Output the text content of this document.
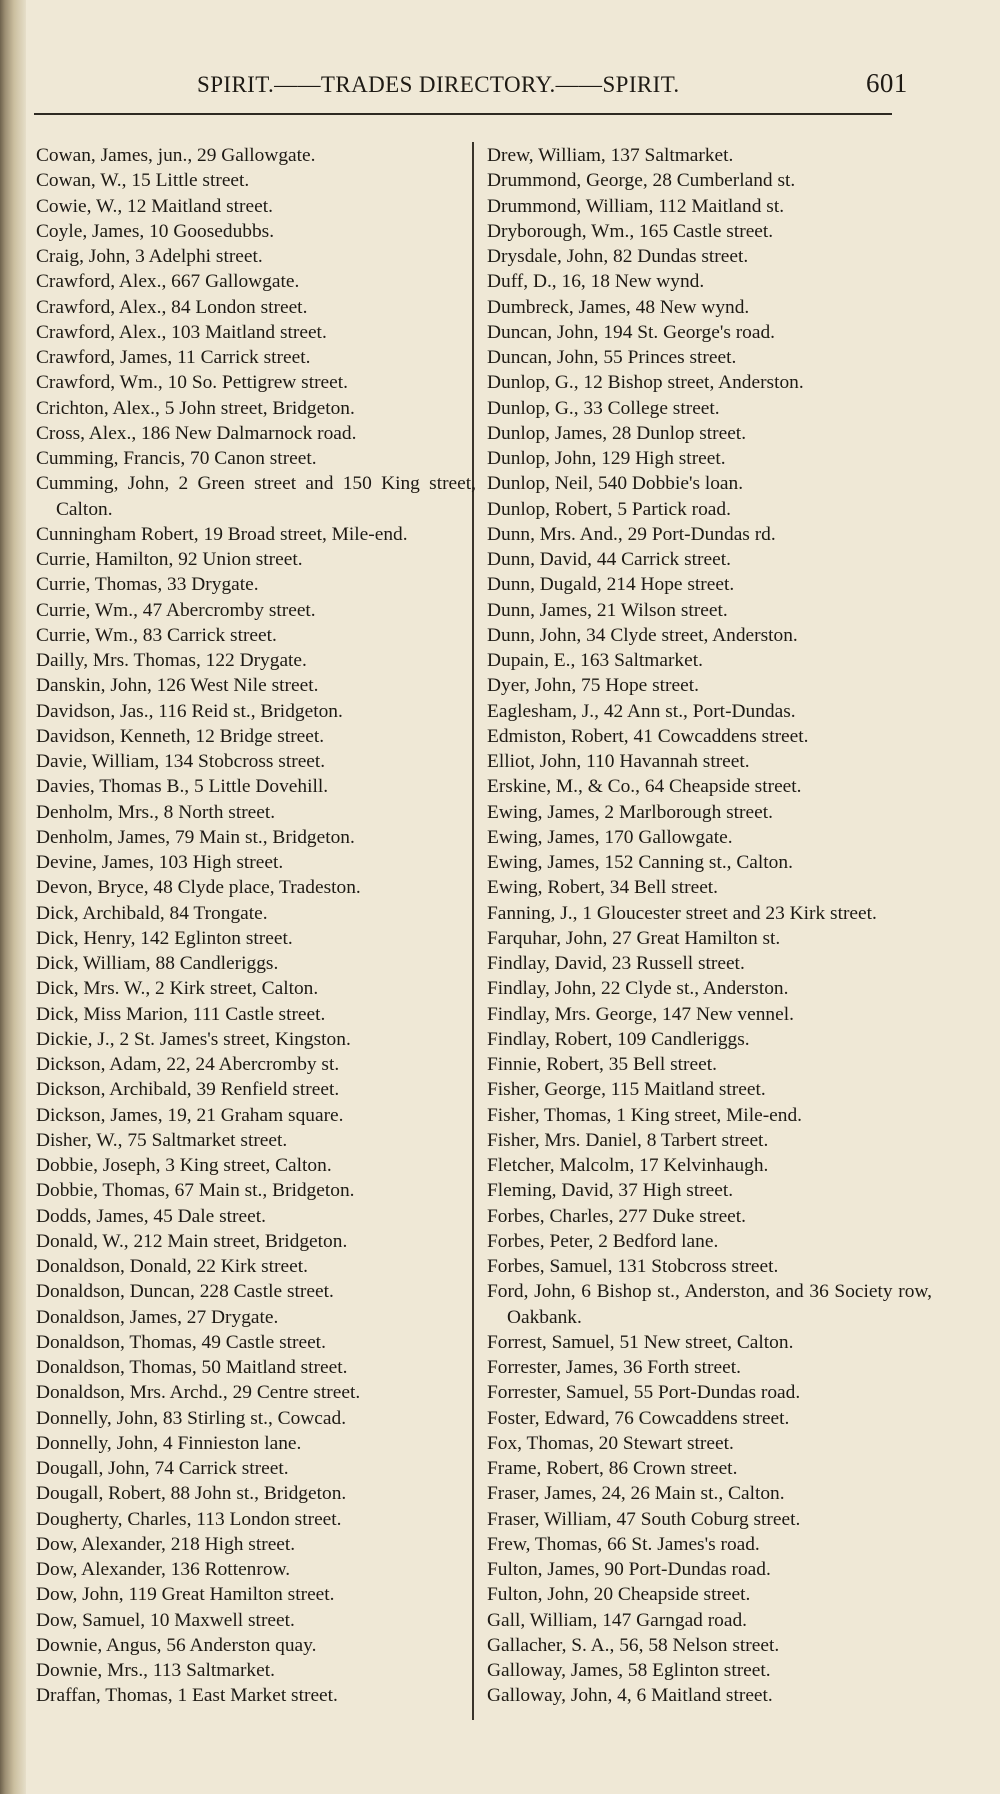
SPIRIT.——TRADES DIRECTORY.——SPIRIT.	601
Cowan, James, jun., 29 Gallowgate.
Cowan, W., 15 Little street.
Cowie, W., 12 Maitland street.
Coyle, James, 10 Goosedubbs.
Craig, John, 3 Adelphi street.
Crawford, Alex., 667 Gallowgate.
Crawford, Alex., 84 London street.
Crawford, Alex., 103 Maitland street.
Crawford, James, 11 Carrick street.
Crawford, Wm., 10 So. Pettigrew street.
Crichton, Alex., 5 John street, Bridgeton.
Cross, Alex., 186 New Dalmarnock road.
Cumming, Francis, 70 Canon street.
Cumming, John, 2 Green street and 150 King street, Calton.
Cunningham Robert, 19 Broad street, Mile-end.
Currie, Hamilton, 92 Union street.
Currie, Thomas, 33 Drygate.
Currie, Wm., 47 Abercromby street.
Currie, Wm., 83 Carrick street.
Dailly, Mrs. Thomas, 122 Drygate.
Danskin, John, 126 West Nile street.
Davidson, Jas., 116 Reid st., Bridgeton.
Davidson, Kenneth, 12 Bridge street.
Davie, William, 134 Stobcross street.
Davies, Thomas B., 5 Little Dovehill.
Denholm, Mrs., 8 North street.
Denholm, James, 79 Main st., Bridgeton.
Devine, James, 103 High street.
Devon, Bryce, 48 Clyde place, Tradeston.
Dick, Archibald, 84 Trongate.
Dick, Henry, 142 Eglinton street.
Dick, William, 88 Candleriggs.
Dick, Mrs. W., 2 Kirk street, Calton.
Dick, Miss Marion, 111 Castle street.
Dickie, J., 2 St. James's street, Kingston.
Dickson, Adam, 22, 24 Abercromby st.
Dickson, Archibald, 39 Renfield street.
Dickson, James, 19, 21 Graham square.
Disher, W., 75 Saltmarket street.
Dobbie, Joseph, 3 King street, Calton.
Dobbie, Thomas, 67 Main st., Bridgeton.
Dodds, James, 45 Dale street.
Donald, W., 212 Main street, Bridgeton.
Donaldson, Donald, 22 Kirk street.
Donaldson, Duncan, 228 Castle street.
Donaldson, James, 27 Drygate.
Donaldson, Thomas, 49 Castle street.
Donaldson, Thomas, 50 Maitland street.
Donaldson, Mrs. Archd., 29 Centre street.
Donnelly, John, 83 Stirling st., Cowcad.
Donnelly, John, 4 Finnieston lane.
Dougall, John, 74 Carrick street.
Dougall, Robert, 88 John st., Bridgeton.
Dougherty, Charles, 113 London street.
Dow, Alexander, 218 High street.
Dow, Alexander, 136 Rottenrow.
Dow, John, 119 Great Hamilton street.
Dow, Samuel, 10 Maxwell street.
Downie, Angus, 56 Anderston quay.
Downie, Mrs., 113 Saltmarket.
Draffan, Thomas, 1 East Market street.
Drew, William, 137 Saltmarket.
Drummond, George, 28 Cumberland st.
Drummond, William, 112 Maitland st.
Dryborough, Wm., 165 Castle street.
Drysdale, John, 82 Dundas street.
Duff, D., 16, 18 New wynd.
Dumbreck, James, 48 New wynd.
Duncan, John, 194 St. George's road.
Duncan, John, 55 Princes street.
Dunlop, G., 12 Bishop street, Anderston.
Dunlop, G., 33 College street.
Dunlop, James, 28 Dunlop street.
Dunlop, John, 129 High street.
Dunlop, Neil, 540 Dobbie's loan.
Dunlop, Robert, 5 Partick road.
Dunn, Mrs. And., 29 Port-Dundas rd.
Dunn, David, 44 Carrick street.
Dunn, Dugald, 214 Hope street.
Dunn, James, 21 Wilson street.
Dunn, John, 34 Clyde street, Anderston.
Dupain, E., 163 Saltmarket.
Dyer, John, 75 Hope street.
Eaglesham, J., 42 Ann st., Port-Dundas.
Edmiston, Robert, 41 Cowcaddens street.
Elliot, John, 110 Havannah street.
Erskine, M., & Co., 64 Cheapside street.
Ewing, James, 2 Marlborough street.
Ewing, James, 170 Gallowgate.
Ewing, James, 152 Canning st., Calton.
Ewing, Robert, 34 Bell street.
Fanning, J., 1 Gloucester street and 23 Kirk street.
Farquhar, John, 27 Great Hamilton st.
Findlay, David, 23 Russell street.
Findlay, John, 22 Clyde st., Anderston.
Findlay, Mrs. George, 147 New vennel.
Findlay, Robert, 109 Candleriggs.
Finnie, Robert, 35 Bell street.
Fisher, George, 115 Maitland street.
Fisher, Thomas, 1 King street, Mile-end.
Fisher, Mrs. Daniel, 8 Tarbert street.
Fletcher, Malcolm, 17 Kelvinhaugh.
Fleming, David, 37 High street.
Forbes, Charles, 277 Duke street.
Forbes, Peter, 2 Bedford lane.
Forbes, Samuel, 131 Stobcross street.
Ford, John, 6 Bishop st., Anderston, and 36 Society row, Oakbank.
Forrest, Samuel, 51 New street, Calton.
Forrester, James, 36 Forth street.
Forrester, Samuel, 55 Port-Dundas road.
Foster, Edward, 76 Cowcaddens street.
Fox, Thomas, 20 Stewart street.
Frame, Robert, 86 Crown street.
Fraser, James, 24, 26 Main st., Calton.
Fraser, William, 47 South Coburg street.
Frew, Thomas, 66 St. James's road.
Fulton, James, 90 Port-Dundas road.
Fulton, John, 20 Cheapside street.
Gall, William, 147 Garngad road.
Gallacher, S. A., 56, 58 Nelson street.
Galloway, James, 58 Eglinton street.
Galloway, John, 4, 6 Maitland street.
